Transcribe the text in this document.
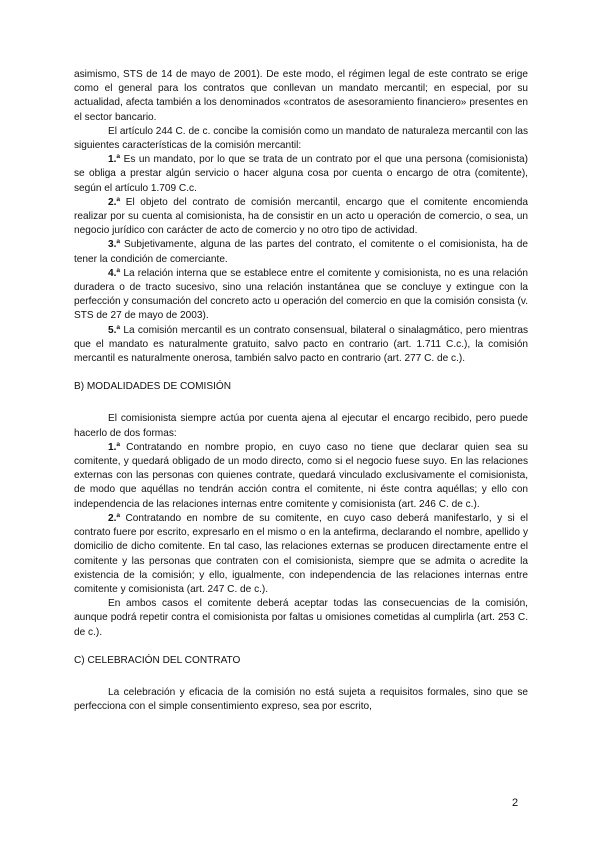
asimismo, STS de 14 de mayo de 2001). De este modo, el régimen legal de este contrato se erige como el general para los contratos que conllevan un mandato mercantil; en especial, por su actualidad, afecta también a los denominados «contratos de asesoramiento financiero» presentes en el sector bancario.

El artículo 244 C. de c. concibe la comisión como un mandato de naturaleza mercantil con las siguientes características de la comisión mercantil:

1.ª Es un mandato, por lo que se trata de un contrato por el que una persona (comisionista) se obliga a prestar algún servicio o hacer alguna cosa por cuenta o encargo de otra (comitente), según el artículo 1.709 C.c.

2.ª El objeto del contrato de comisión mercantil, encargo que el comitente encomienda realizar por su cuenta al comisionista, ha de consistir en un acto u operación de comercio, o sea, un negocio jurídico con carácter de acto de comercio y no otro tipo de actividad.

3.ª Subjetivamente, alguna de las partes del contrato, el comitente o el comisionista, ha de tener la condición de comerciante.

4.ª La relación interna que se establece entre el comitente y comisionista, no es una relación duradera o de tracto sucesivo, sino una relación instantánea que se concluye y extingue con la perfección y consumación del concreto acto u operación del comercio en que la comisión consista (v. STS de 27 de mayo de 2003).

5.ª La comisión mercantil es un contrato consensual, bilateral o sinalagmático, pero mientras que el mandato es naturalmente gratuito, salvo pacto en contrario (art. 1.711 C.c.), la comisión mercantil es naturalmente onerosa, también salvo pacto en contrario (art. 277 C. de c.).

B) MODALIDADES DE COMISIÓN

El comisionista siempre actúa por cuenta ajena al ejecutar el encargo recibido, pero puede hacerlo de dos formas:

1.ª Contratando en nombre propio, en cuyo caso no tiene que declarar quien sea su comitente, y quedará obligado de un modo directo, como si el negocio fuese suyo. En las relaciones externas con las personas con quienes contrate, quedará vinculado exclusivamente el comisionista, de modo que aquéllas no tendrán acción contra el comitente, ni éste contra aquéllas; y ello con independencia de las relaciones internas entre comitente y comisionista (art. 246 C. de c.).

2.ª Contratando en nombre de su comitente, en cuyo caso deberá manifestarlo, y si el contrato fuere por escrito, expresarlo en el mismo o en la antefirma, declarando el nombre, apellido y domicilio de dicho comitente. En tal caso, las relaciones externas se producen directamente entre el comitente y las personas que contraten con el comisionista, siempre que se admita o acredite la existencia de la comisión; y ello, igualmente, con independencia de las relaciones internas entre comitente y comisionista (art. 247 C. de c.).

En ambos casos el comitente deberá aceptar todas las consecuencias de la comisión, aunque podrá repetir contra el comisionista por faltas u omisiones cometidas al cumplirla (art. 253 C. de c.).

C) CELEBRACIÓN DEL CONTRATO

La celebración y eficacia de la comisión no está sujeta a requisitos formales, sino que se perfecciona con el simple consentimiento expreso, sea por escrito,

2
